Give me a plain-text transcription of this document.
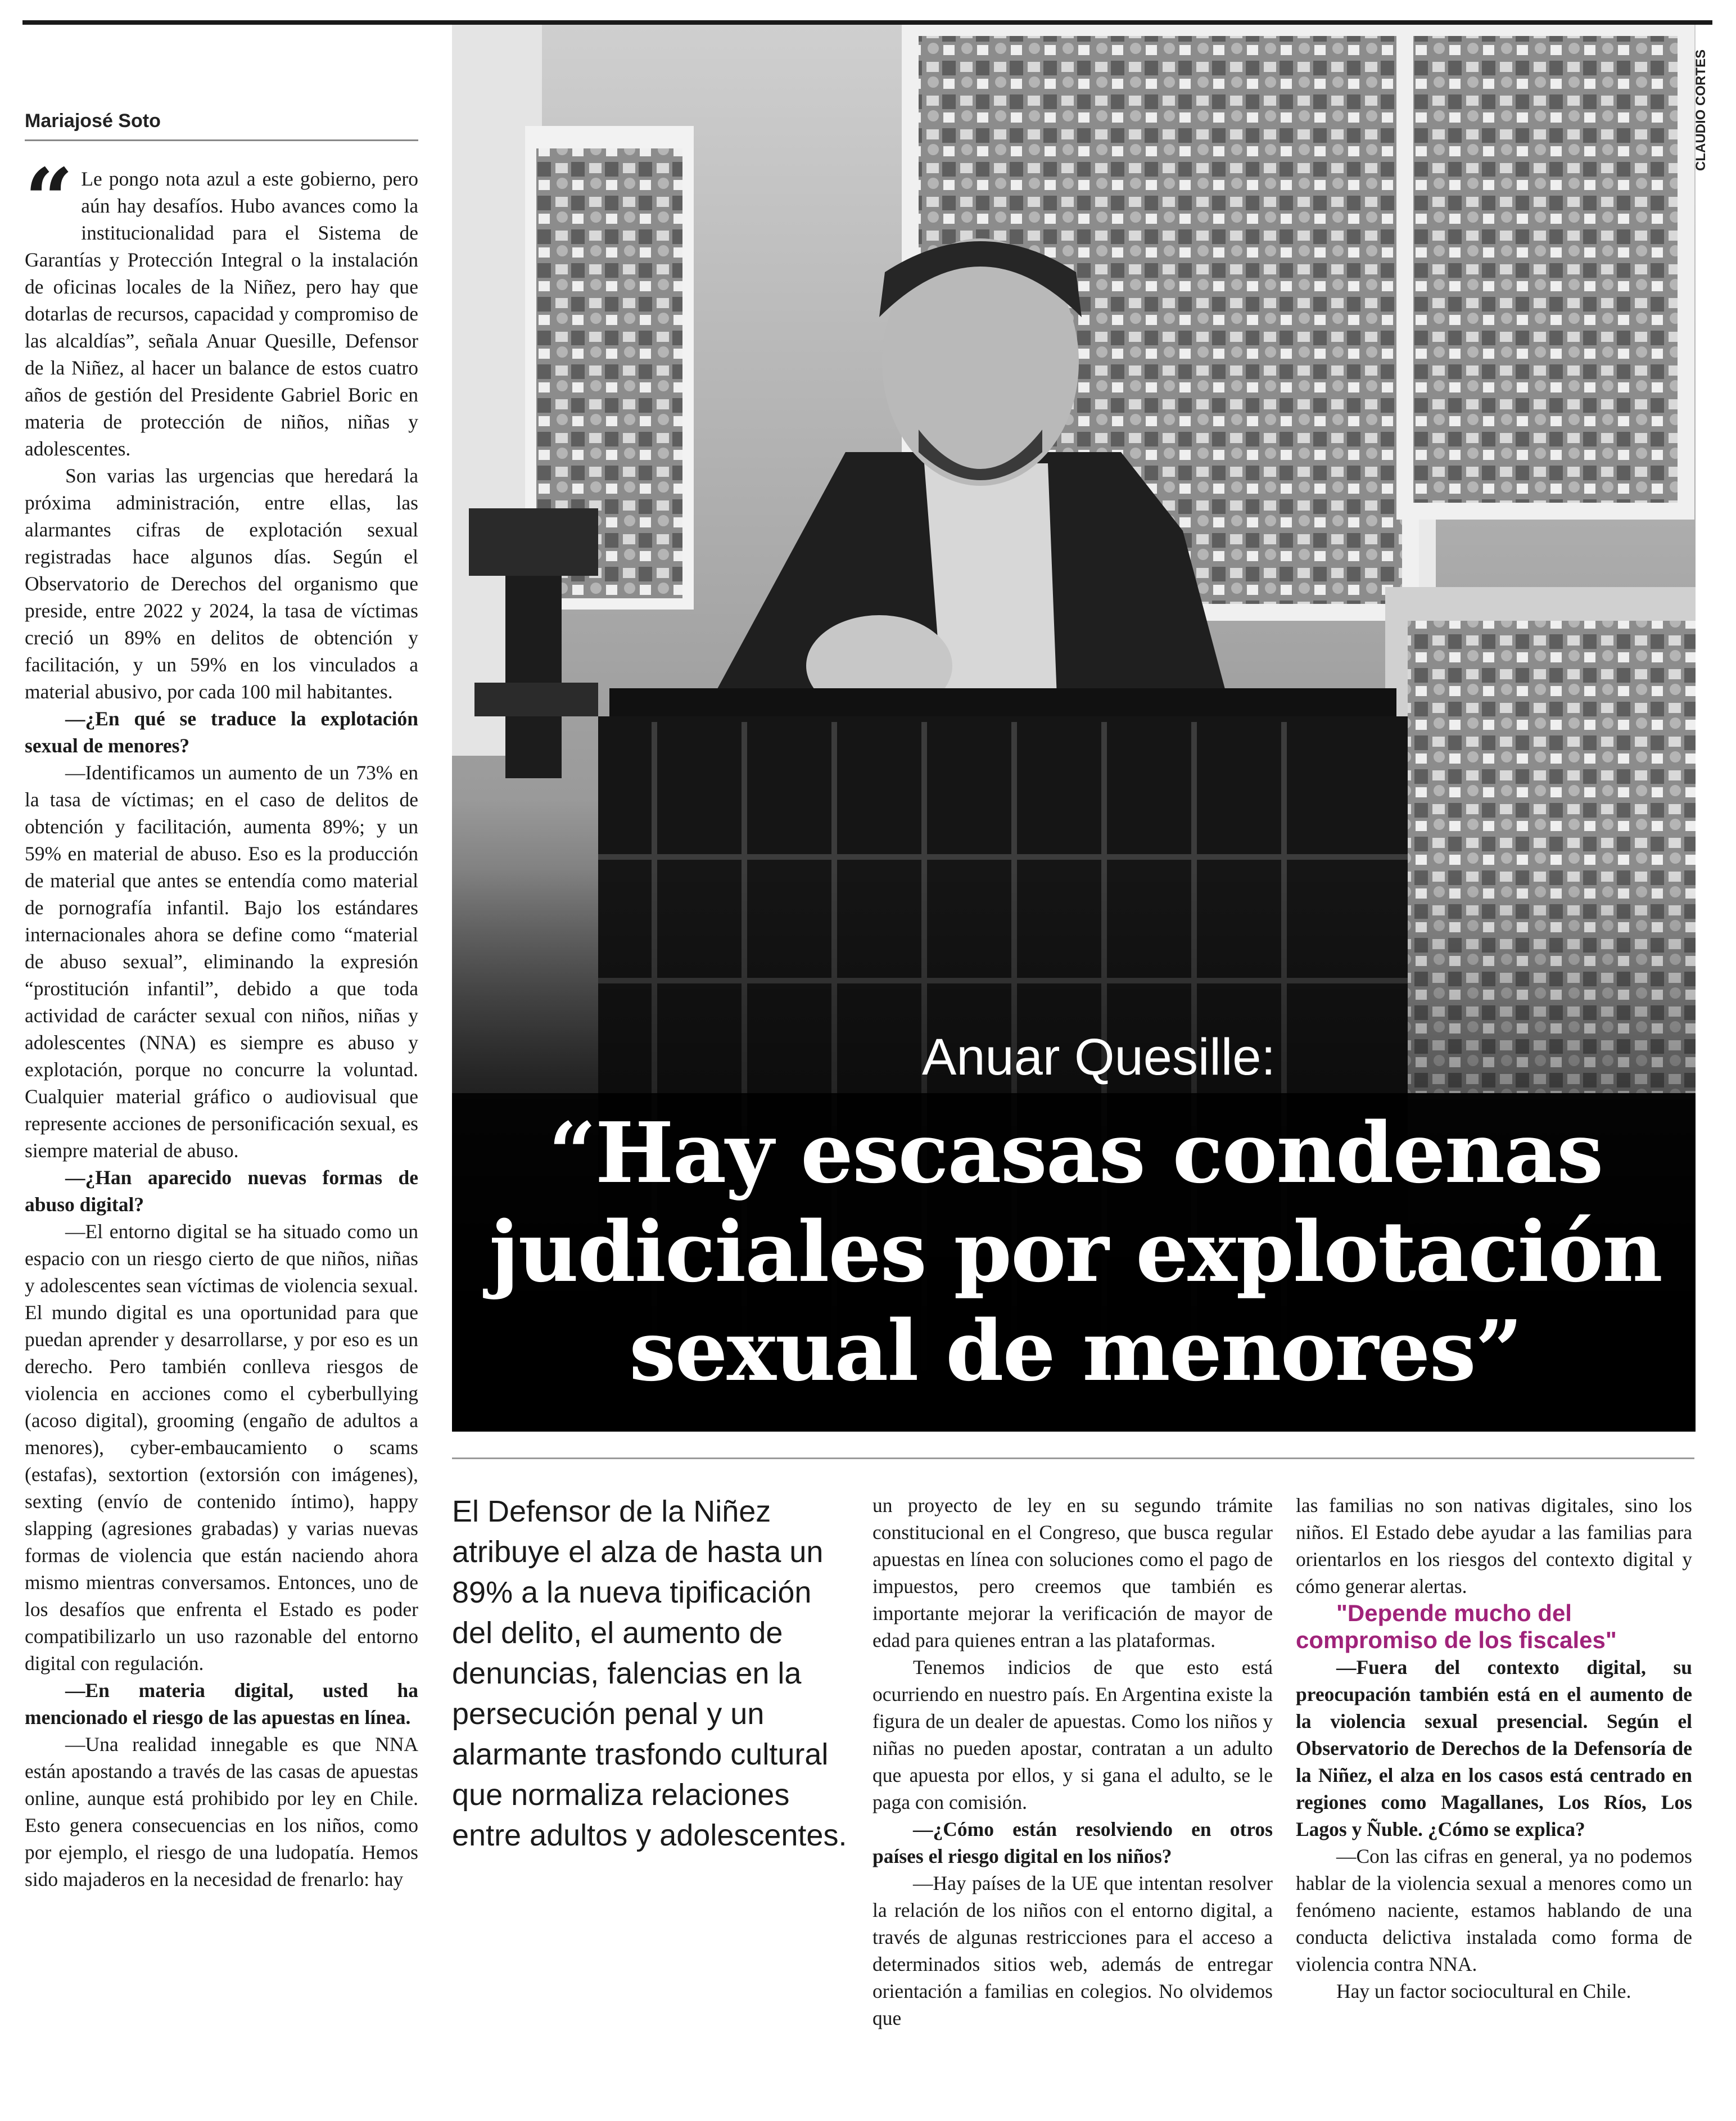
Mariajosé Soto

“ Le pongo nota azul a este gobierno, pero aún hay desafíos. Hubo avances como la institucionalidad para el Sistema de Garantías y Protección Integral o la instalación de oficinas locales de la Niñez, pero hay que dotarlas de recursos, capacidad y compromiso de las alcaldías”, señala Anuar Quesille, Defensor de la Niñez, al hacer un balance de estos cuatro años de gestión del Presidente Gabriel Boric en materia de protección de niños, niñas y adolescentes.

Son varias las urgencias que heredará la próxima administración, entre ellas, las alarmantes cifras de explotación sexual registradas hace algunos días. Según el Observatorio de Derechos del organismo que preside, entre 2022 y 2024, la tasa de víctimas creció un 89% en delitos de obtención y facilitación, y un 59% en los vinculados a material abusivo, por cada 100 mil habitantes.

—¿En qué se traduce la explotación sexual de menores?

—Identificamos un aumento de un 73% en la tasa de víctimas; en el caso de delitos de obtención y facilitación, aumenta 89%; y un 59% en material de abuso. Eso es la producción de material que antes se entendía como material de pornografía infantil. Bajo los estándares internacionales ahora se define como “material de abuso sexual”, eliminando la expresión “prostitución infantil”, debido a que toda actividad de carácter sexual con niños, niñas y adolescentes (NNA) es siempre es abuso y explotación, porque no concurre la voluntad. Cualquier material gráfico o audiovisual que represente acciones de personificación sexual, es siempre material de abuso.

—¿Han aparecido nuevas formas de abuso digital?

—El entorno digital se ha situado como un espacio con un riesgo cierto de que niños, niñas y adolescentes sean víctimas de violencia sexual. El mundo digital es una oportunidad para que puedan aprender y desarrollarse, y por eso es un derecho. Pero también conlleva riesgos de violencia en acciones como el cyberbullying (acoso digital), grooming (engaño de adultos a menores), cyber-embaucamiento o scams (estafas), sextortion (extorsión con imágenes), sexting (envío de contenido íntimo), happy slapping (agresiones grabadas) y varias nuevas formas de violencia que están naciendo ahora mismo mientras conversamos. Entonces, uno de los desafíos que enfrenta el Estado es poder compatibilizarlo un uso razonable del entorno digital con regulación.

—En materia digital, usted ha mencionado el riesgo de las apuestas en línea.

—Una realidad innegable es que NNA están apostando a través de las casas de apuestas online, aunque está prohibido por ley en Chile. Esto genera consecuencias en los niños, como por ejemplo, el riesgo de una ludopatía. Hemos sido majaderos en la necesidad de frenarlo: hay

CLAUDIO CORTES
Anuar Quesille:
“Hay escasas condenas judiciales por explotación sexual de menores”
El Defensor de la Niñez atribuye el alza de hasta un 89% a la nueva tipificación del delito, el aumento de denuncias, falencias en la persecución penal y un alarmante trasfondo cultural que normaliza relaciones entre adultos y adolescentes.

un proyecto de ley en su segundo trámite constitucional en el Congreso, que busca regular apuestas en línea con soluciones como el pago de impuestos, pero creemos que también es importante mejorar la verificación de mayor de edad para quienes entran a las plataformas.

Tenemos indicios de que esto está ocurriendo en nuestro país. En Argentina existe la figura de un dealer de apuestas. Como los niños y niñas no pueden apostar, contratan a un adulto que apuesta por ellos, y si gana el adulto, se le paga con comisión.

—¿Cómo están resolviendo en otros países el riesgo digital en los niños?

—Hay países de la UE que intentan resolver la relación de los niños con el entorno digital, a través de algunas restricciones para el acceso a determinados sitios web, además de entregar orientación a familias en colegios. No olvidemos que

las familias no son nativas digitales, sino los niños. El Estado debe ayudar a las familias para orientarlos en los riesgos del contexto digital y cómo generar alertas.

"Depende mucho del compromiso de los fiscales"

—Fuera del contexto digital, su preocupación también está en el aumento de la violencia sexual presencial. Según el Observatorio de Derechos de la Defensoría de la Niñez, el alza en los casos está centrado en regiones como Magallanes, Los Ríos, Los Lagos y Ñuble. ¿Cómo se explica?

—Con las cifras en general, ya no podemos hablar de la violencia sexual a menores como un fenómeno naciente, estamos hablando de una conducta delictiva instalada como forma de violencia contra NNA.

Hay un factor sociocultural en Chile.
